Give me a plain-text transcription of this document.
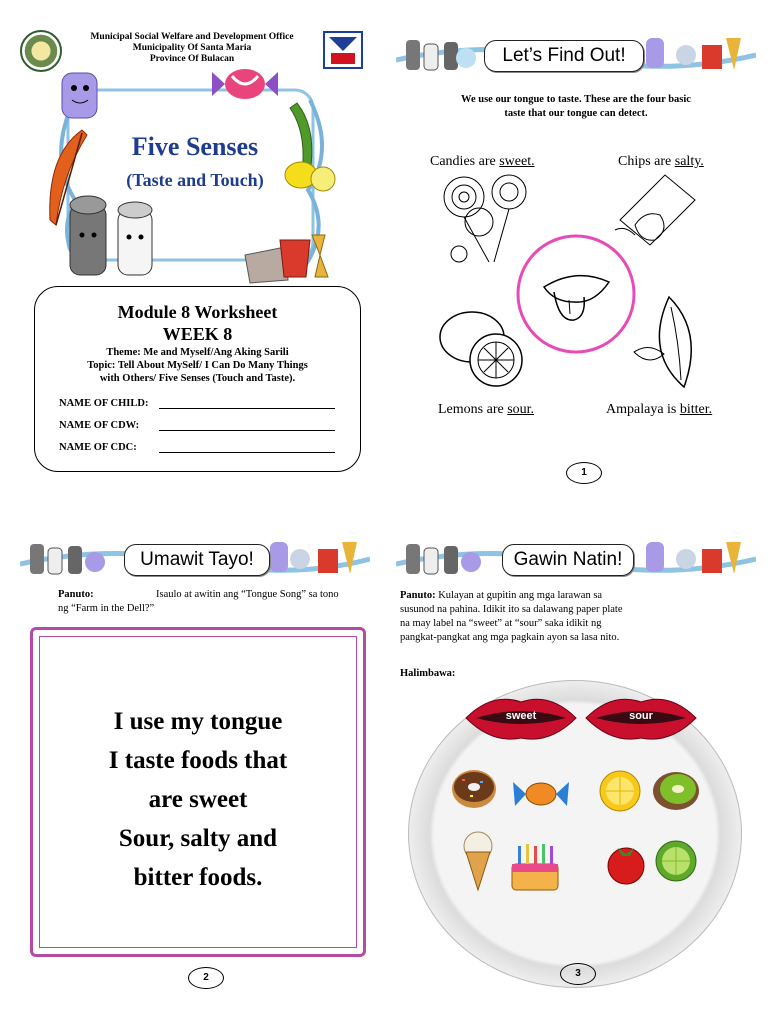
Municipal Social Welfare and Development Office
Municipality Of Santa Maria
Province Of Bulacan
Five Senses
(Taste and Touch)
Module 8 Worksheet
WEEK 8
Theme: Me and Myself/Ang Aking Sarili
Topic: Tell About MySelf/ I Can Do Many Things
with Others/ Five Senses (Touch and Taste).
NAME OF CHILD:
NAME OF CDW:
NAME OF CDC:
Let’s Find Out!
We use our tongue to taste. These are the four basic
taste that our tongue can detect.
Candies are sweet.	Chips are salty.
Lemons are sour.	Ampalaya is bitter.
1
Umawit Tayo!
Panuto:	Isaulo at awitin ang “Tongue Song” sa tono
ng “Farm in the Dell?”
I use my tongue
I taste foods that
are sweet
Sour, salty and
bitter foods.
2
Gawin Natin!
Panuto: Kulayan at gupitin ang mga larawan sa
susunod na pahina. Idikit ito sa dalawang paper plate
na may label na “sweet” at “sour” saka idikit ng
pangkat-pangkat ang mga pagkain ayon sa lasa nito.
Halimbawa:
sweet	sour
3
